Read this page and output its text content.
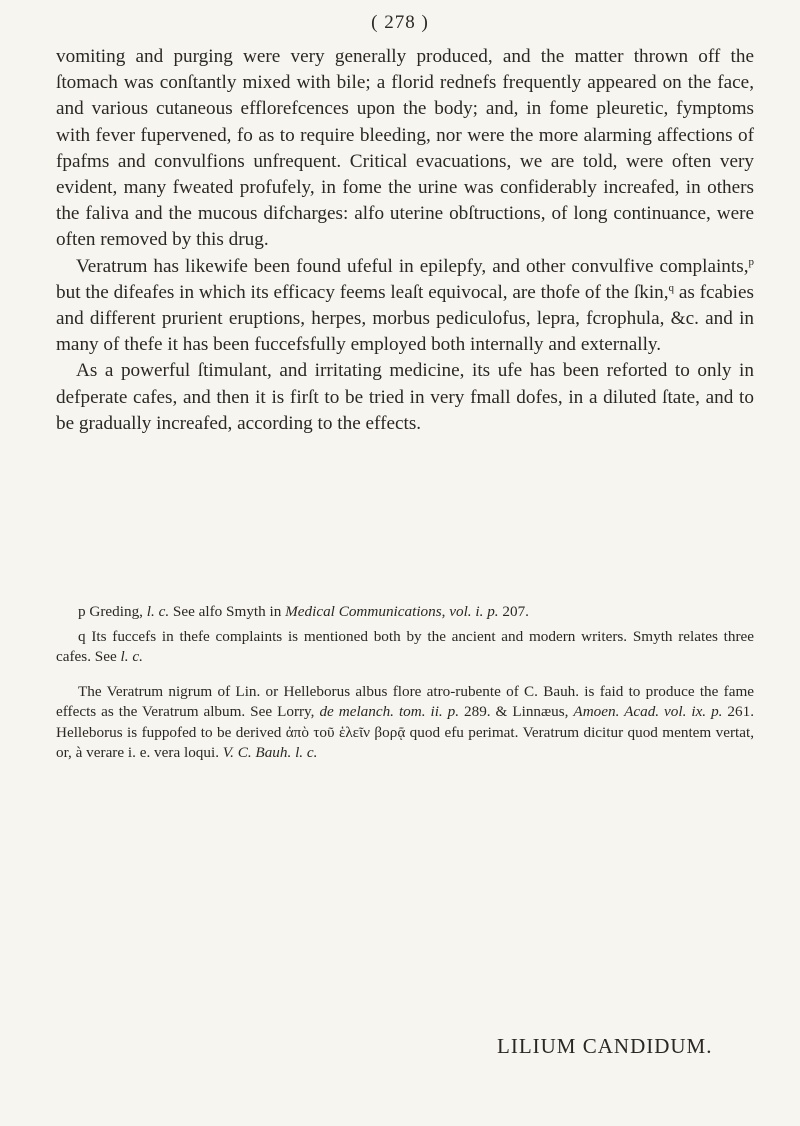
( 278 )

vomiting and purging were very generally produced, and the matter thrown off the ſtomach was conſtantly mixed with bile; a florid rednefs frequently appeared on the face, and various cutaneous efflorefcences upon the body; and, in fome pleuretic, fymptoms with fever fupervened, fo as to require bleeding, nor were the more alarming affections of fpafms and convulfions unfrequent. Critical evacuations, we are told, were often very evident, many fweated profufely, in fome the urine was confiderably increafed, in others the faliva and the mucous difcharges: alfo uterine obſtructions, of long continuance, were often removed by this drug.

Veratrum has likewife been found ufeful in epilepfy, and other convulfive complaints,$^p$ but the difeafes in which its efficacy feems leaſt equivocal, are thofe of the ſkin,$^q$ as fcabies and different prurient eruptions, herpes, morbus pediculofus, lepra, fcrophula, &c. and in many of thefe it has been fuccefsfully employed both internally and externally.

As a powerful ſtimulant, and irritating medicine, its ufe has been reforted to only in defperate cafes, and then it is firſt to be tried in very fmall dofes, in a diluted ſtate, and to be gradually increafed, according to the effects.

p Greding, l. c. See alfo Smyth in Medical Communications, vol. i. p. 207.

q Its fuccefs in thefe complaints is mentioned both by the ancient and modern writers. Smyth relates three cafes. See l. c.

The Veratrum nigrum of Lin. or Helleborus albus flore atro-rubente of C. Bauh. is faid to produce the fame effects as the Veratrum album. See Lorry, de melanch. tom. ii. p. 289. & Linnæus, Amoen. Acad. vol. ix. p. 261. Helleborus is fuppofed to be derived ἀπὸ τοῦ ἑλεῖν βορᾷ quod efu perimat. Veratrum dicitur quod mentem vertat, or, à verare i. e. vera loqui. V. C. Bauh. l. c.

LILIUM CANDIDUM.
